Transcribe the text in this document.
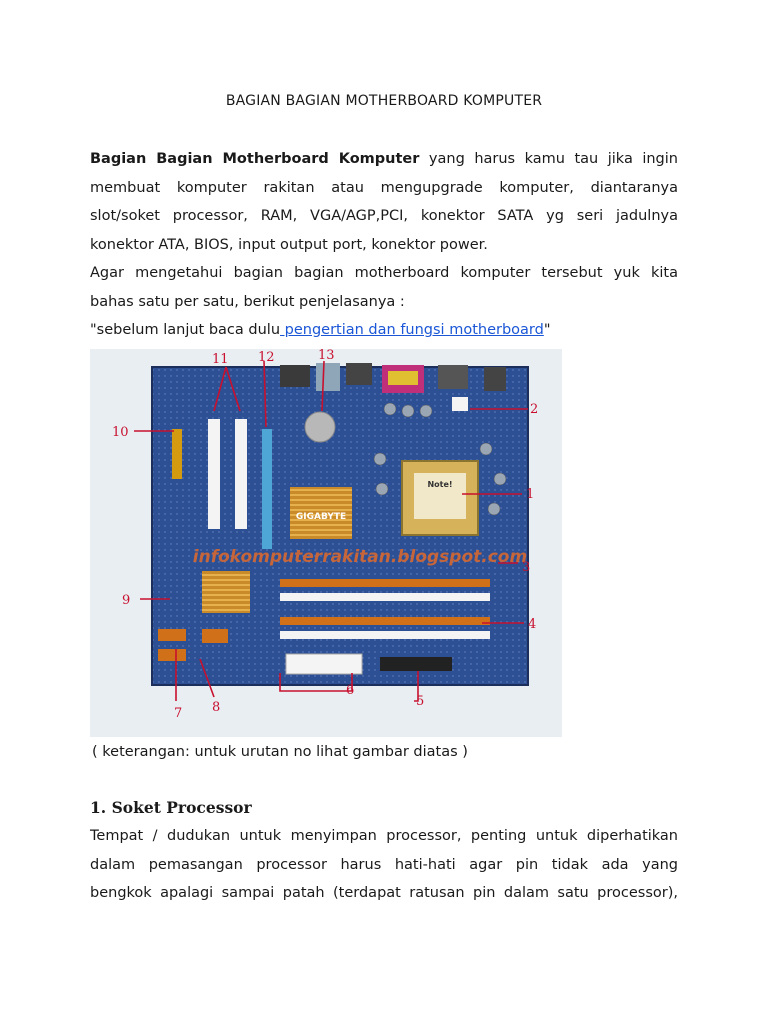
BAGIAN BAGIAN MOTHERBOARD KOMPUTER
Bagian Bagian Motherboard Komputer yang harus kamu tau jika ingin
membuat komputer rakitan atau mengupgrade komputer, diantaranya
slot/soket processor, RAM, VGA/AGP,PCI, konektor SATA yg seri jadulnya
konektor ATA, BIOS, input output port, konektor power.
Agar mengetahui bagian bagian motherboard komputer tersebut yuk kita
bahas satu per satu, berikut penjelasanya :
"sebelum lanjut baca dulu pengertian dan fungsi motherboard"
GIGABYTE
Note!
infokomputerrakitan.blogspot.com
1
2
3
4
5
6
7 8
9
10
11 12	13
( keterangan: untuk urutan no lihat gambar diatas )
1. Soket Processor
Tempat / dudukan untuk menyimpan processor, penting untuk diperhatikan
dalam pemasangan processor harus hati-hati agar pin tidak ada yang
bengkok apalagi sampai patah (terdapat ratusan pin dalam satu processor),
